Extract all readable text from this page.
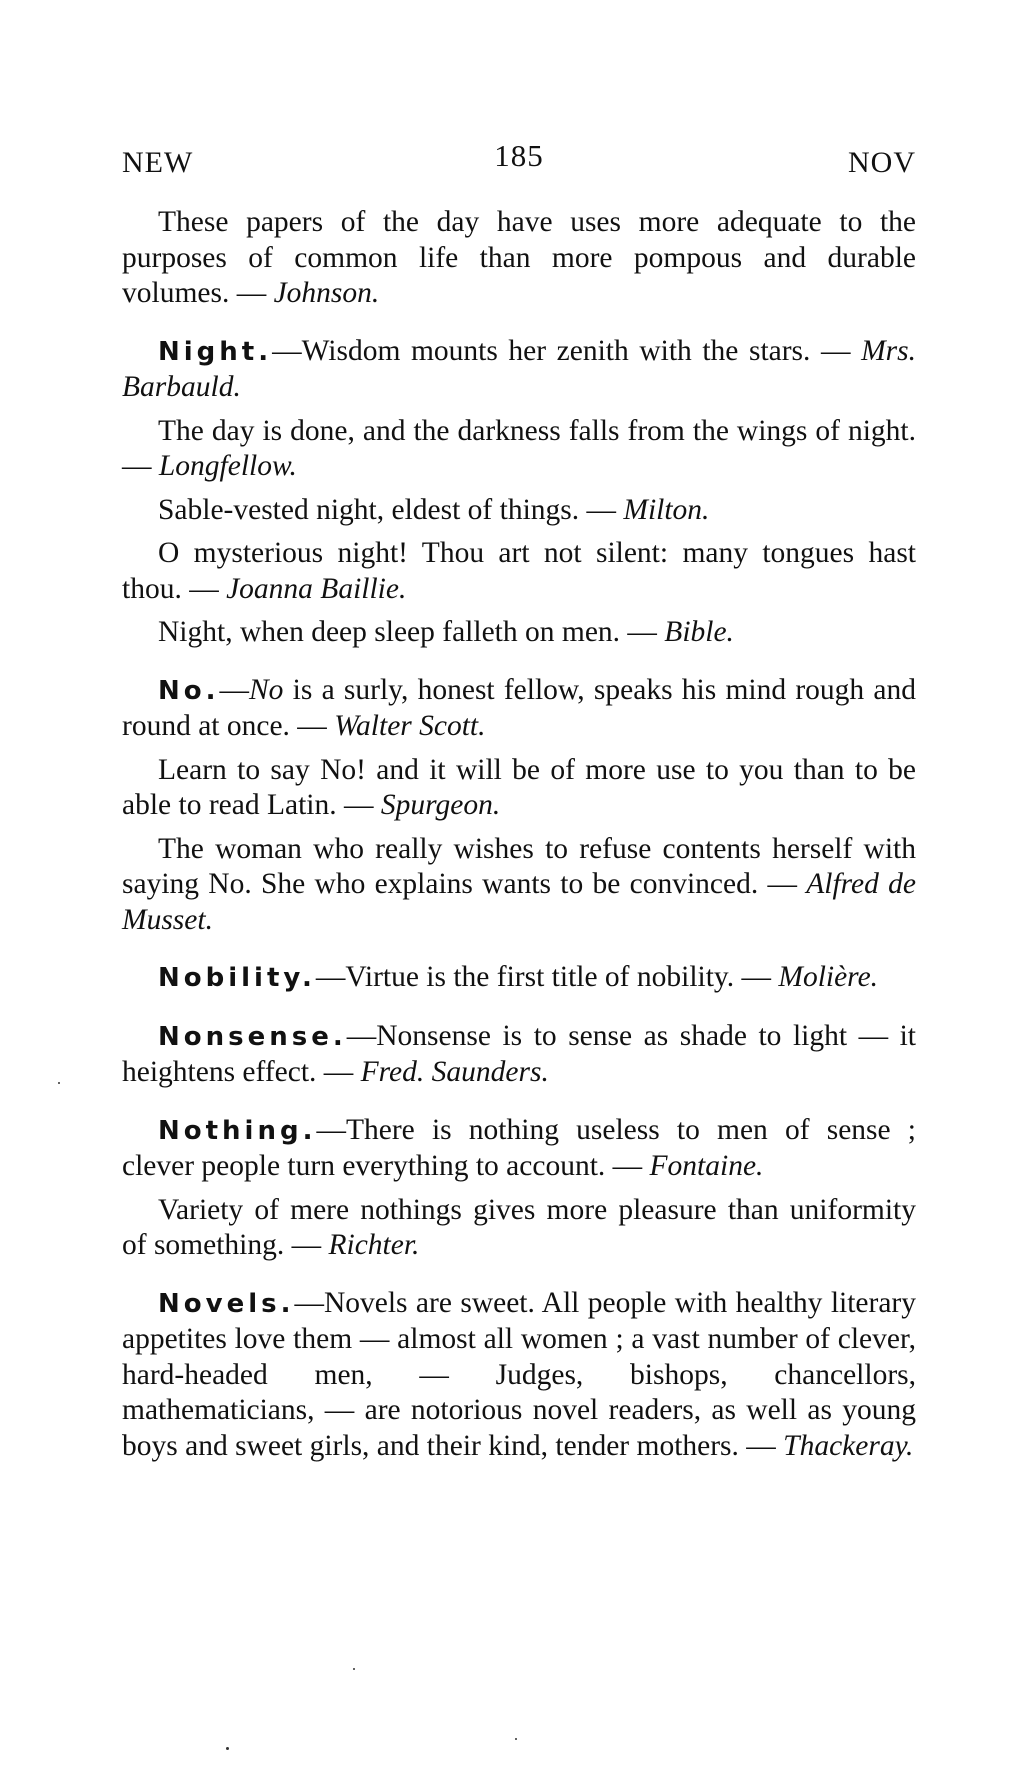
NEW	185	NOV

These papers of the day have uses more adequate to the purposes of common life than more pompous and durable volumes. — Johnson.

Night.—Wisdom mounts her zenith with the stars. — Mrs. Barbauld.

The day is done, and the darkness falls from the wings of night. — Longfellow.

Sable-vested night, eldest of things. — Milton.

O mysterious night! Thou art not silent: many tongues hast thou. — Joanna Baillie.

Night, when deep sleep falleth on men. — Bible.

No.—No is a surly, honest fellow, speaks his mind rough and round at once. — Walter Scott.

Learn to say No! and it will be of more use to you than to be able to read Latin. — Spurgeon.

The woman who really wishes to refuse contents herself with saying No. She who explains wants to be convinced. — Alfred de Musset.

Nobility.—Virtue is the first title of nobility. — Molière.

Nonsense.—Nonsense is to sense as shade to light — it heightens effect. — Fred. Saunders.

Nothing.—There is nothing useless to men of sense ; clever people turn everything to account. — Fontaine.

Variety of mere nothings gives more pleasure than uniformity of something. — Richter.

Novels.—Novels are sweet. All people with healthy literary appetites love them — almost all women ; a vast number of clever, hard-headed men, — Judges, bishops, chancellors, mathematicians, — are notorious novel readers, as well as young boys and sweet girls, and their kind, tender mothers. — Thackeray.
